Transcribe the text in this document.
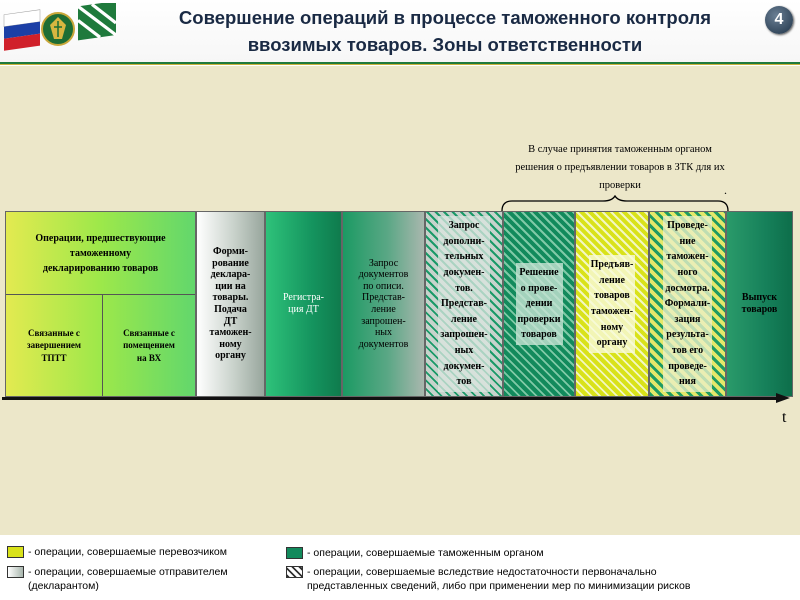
Совершение операций в процессе таможенного контроля
ввозимых товаров. Зоны ответственности
4
В случае принятия таможенным органом
решения о предъявлении товаров в ЗТК для их
проверки	.
Операции, предшествующие
таможенному
декларированию товаров
Связанные с
завершением
ТПТТ
Связанные с
помещением
на ВХ
Форми-
рование
деклара-
ции на
товары.
Подача
ДТ
таможен-
ному
органу
Регистра-
ция ДТ
Запрос
документов
по описи.
Представ-
ление
запрошен-
ных
документов
Запрос
дополни-
тельных
докумен-
тов.
Представ-
ление
запрошен-
ных
докумен-
тов
Решение
о прове-
дении
проверки
товаров
Предъяв-
ление
товаров
таможен-
ному
органу
Проведе-
ние
таможен-
ного
досмотра.
Формали-
зация
результа-
тов его
проведе-
ния
Выпуск
товаров
t
- операции, совершаемые перевозчиком
- операции, совершаемые отправителем
(декларантом)
- операции, совершаемые таможенным органом
- операции, совершаемые вследствие недостаточности первоначально
представленных сведений, либо при применении мер по минимизации рисков
